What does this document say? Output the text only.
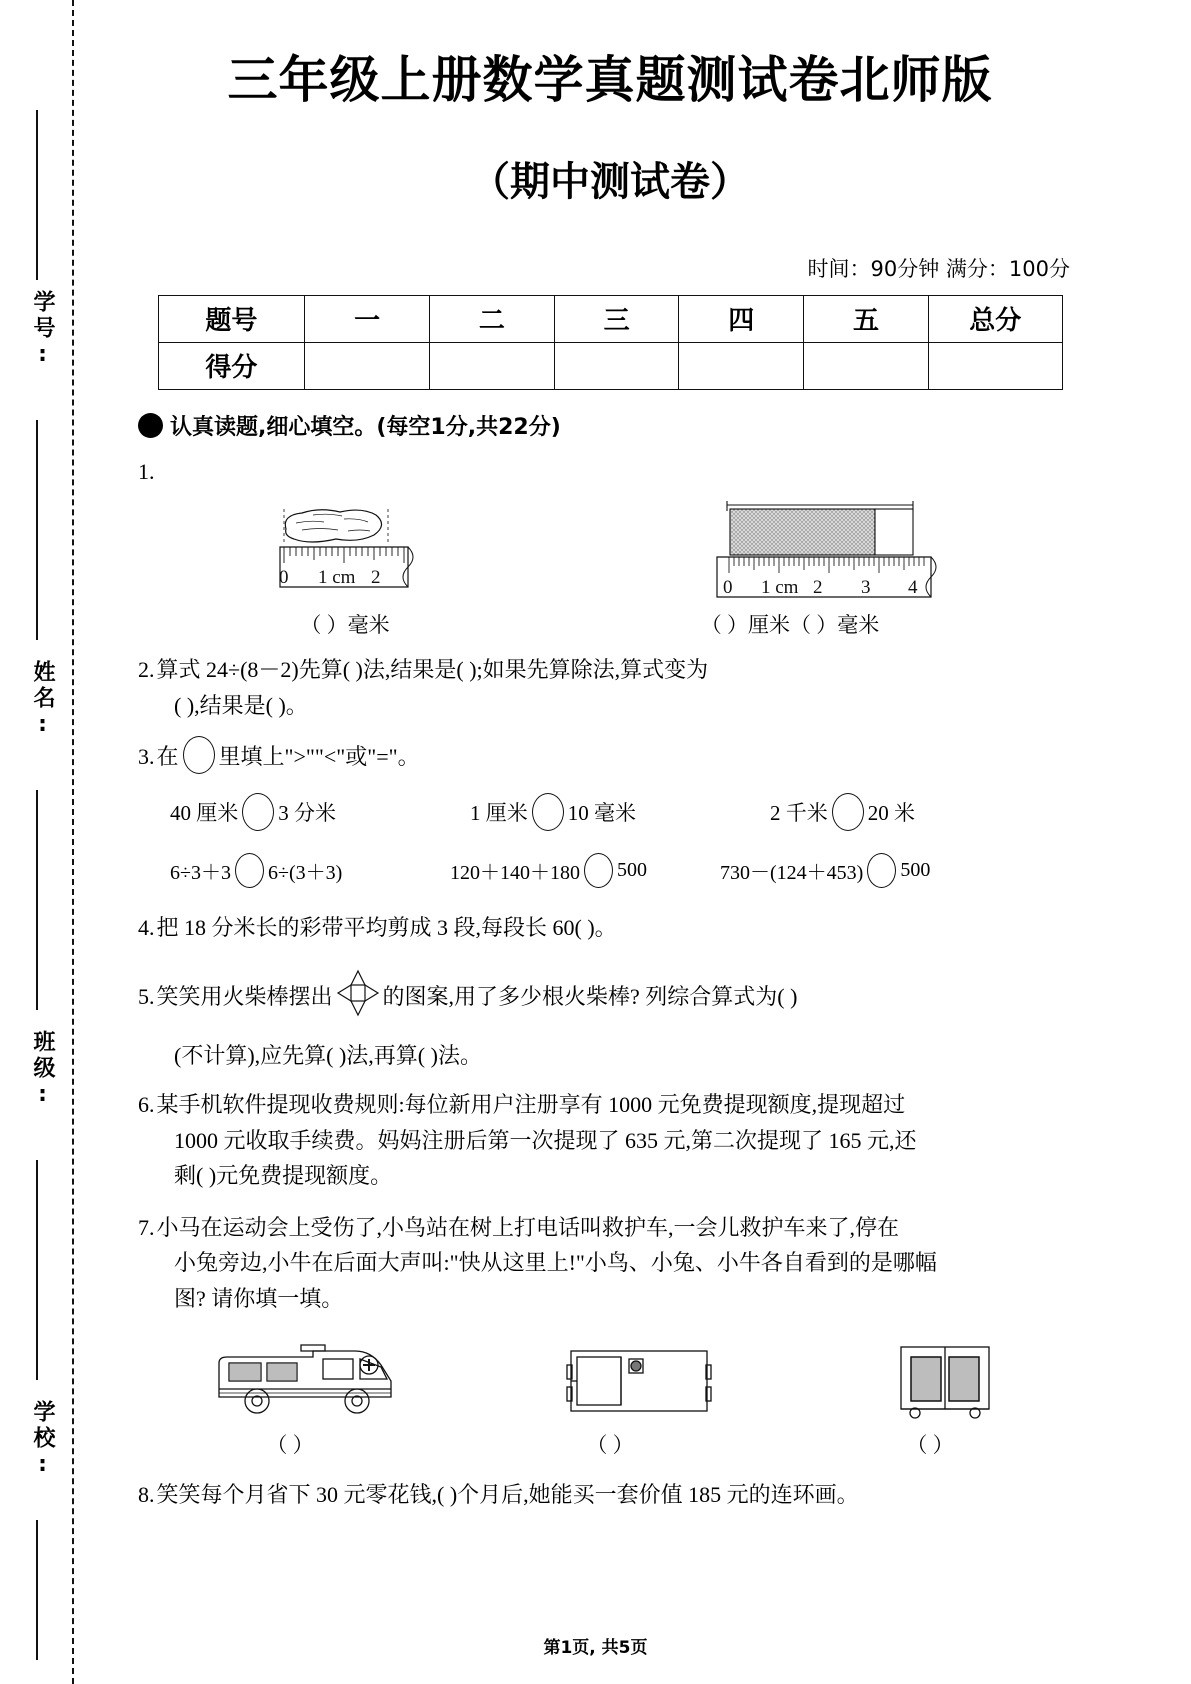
学号:
姓名:
班级:
学校:
三年级上册数学真题测试卷北师版
（期中测试卷）
时间：90分钟 满分：100分
题号	一	二	三	四	五	总分
得分						
认真读题,细心填空。(每空1分,共22分)
1.
0 1 cm 2	0 1 cm 2 3 4
（ ）毫米	（ ）厘米（ ）毫米
2.算式 24÷(8－2)先算( )法,结果是( );如果先算除法,算式变为
( ),结果是( )。
3.在 里填上">""<"或"="。
40 厘米 3 分米	1 厘米 10 毫米	2 千米 20 米
6÷3＋3 6÷(3＋3)	120＋140＋180 500	730－(124＋453) 500
4.把 18 分米长的彩带平均剪成 3 段,每段长 60( )。
5.笑笑用火柴棒摆出 的图案,用了多少根火柴棒? 列综合算式为( )
(不计算),应先算( )法,再算( )法。
6.某手机软件提现收费规则:每位新用户注册享有 1000 元免费提现额度,提现超过
1000 元收取手续费。妈妈注册后第一次提现了 635 元,第二次提现了 165 元,还
剩( )元免费提现额度。
7.小马在运动会上受伤了,小鸟站在树上打电话叫救护车,一会儿救护车来了,停在
小兔旁边,小牛在后面大声叫:"快从这里上!"小鸟、小兔、小牛各自看到的是哪幅
图? 请你填一填。
（ ）	（ ）	（ ）
8.笑笑每个月省下 30 元零花钱,( )个月后,她能买一套价值 185 元的连环画。
第1页, 共5页
